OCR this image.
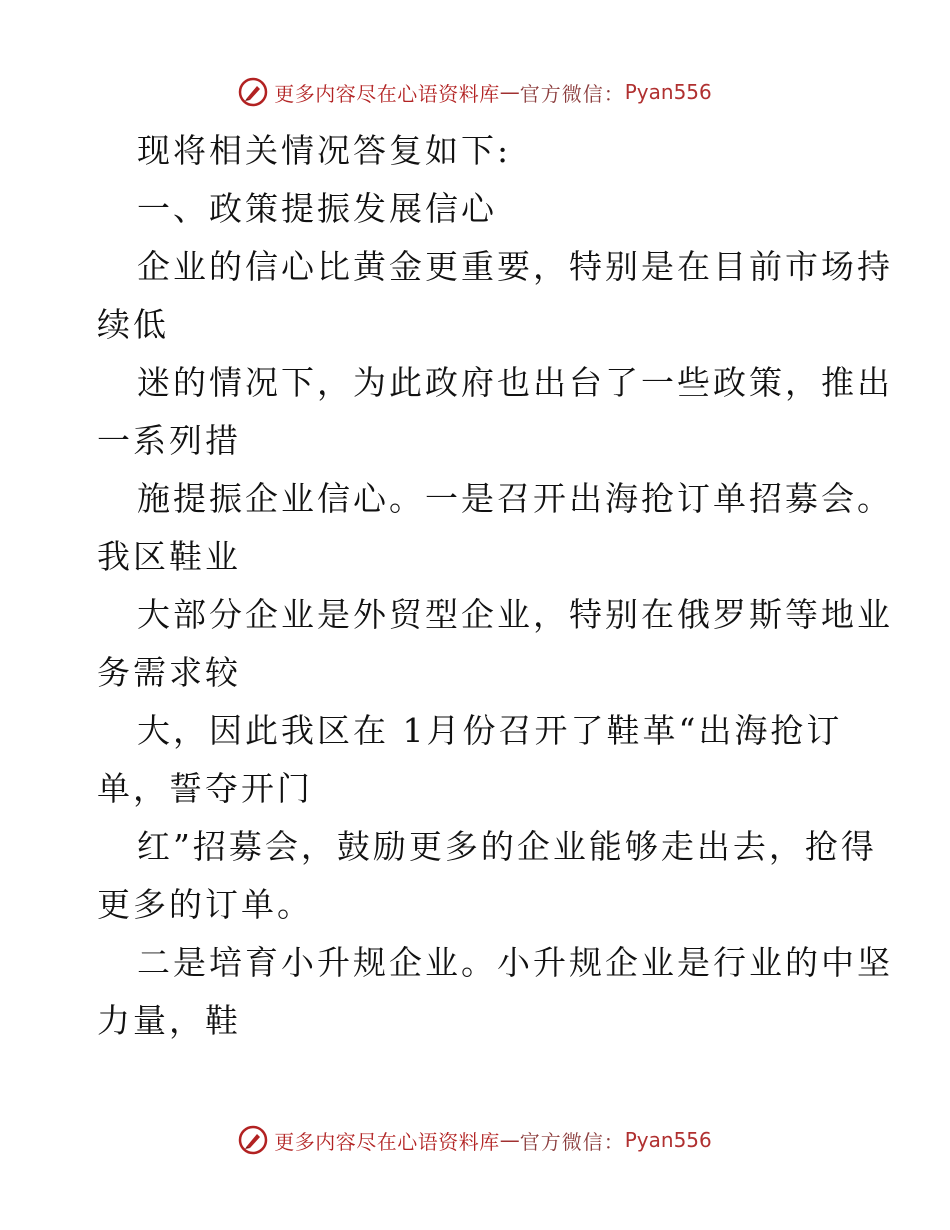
更多内容尽在心语资料库 — 官方微信： Pyan556
现将相关情况答复如下:
一、政策提振发展信心
企业的信心比黄金更重要，特别是在目前市场持
续低
迷的情况下，为此政府也出台了一些政策，推出
一系列措
施提振企业信心。一是召开出海抢订单招募会。
我区鞋业
大部分企业是外贸型企业，特别在俄罗斯等地业
务需求较
大，因此我区在 1月份召开了鞋革“出海抢订
单，誓夺开门
红”招募会，鼓励更多的企业能够走出去，抢得
更多的订单。
二是培育小升规企业。小升规企业是行业的中坚
力量，鞋
更多内容尽在心语资料库 — 官方微信： Pyan556
